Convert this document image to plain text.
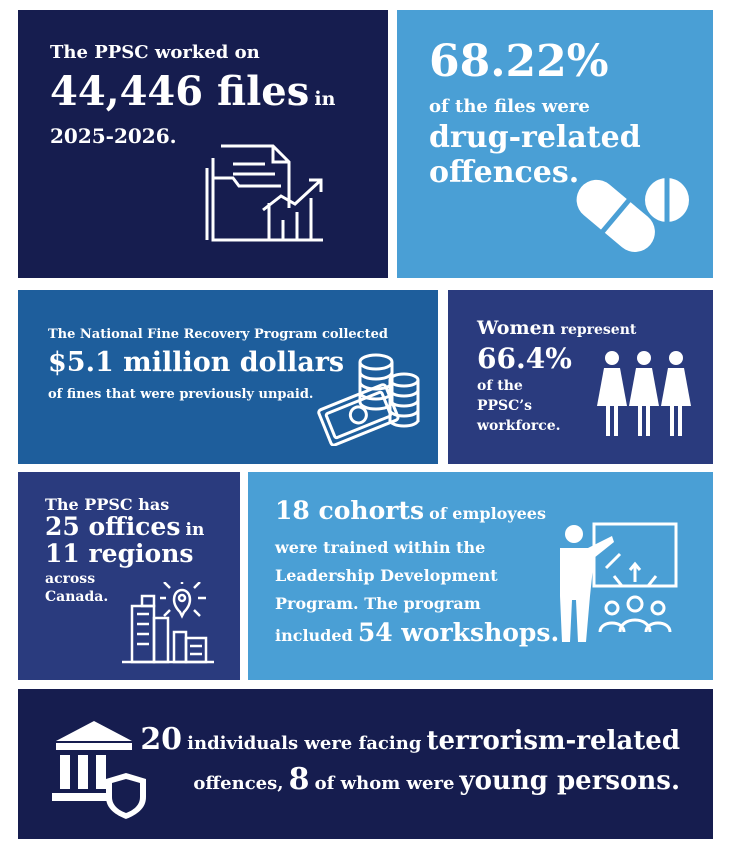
The PPSC worked on
44,446 files in
2025-2026.
68.22%
of the files were
drug-related
offences.
The National Fine Recovery Program collected
$5.1 million dollars
of fines that were previously unpaid.
Women represent
66.4%
of the
PPSC’s
workforce.
The PPSC has
25 offices in
11 regions
across
Canada.
18 cohorts of employees
were trained within the
Leadership Development
Program. The program
included 54 workshops.
20 individuals were facing terrorism-related
offences, 8 of whom were young persons.
